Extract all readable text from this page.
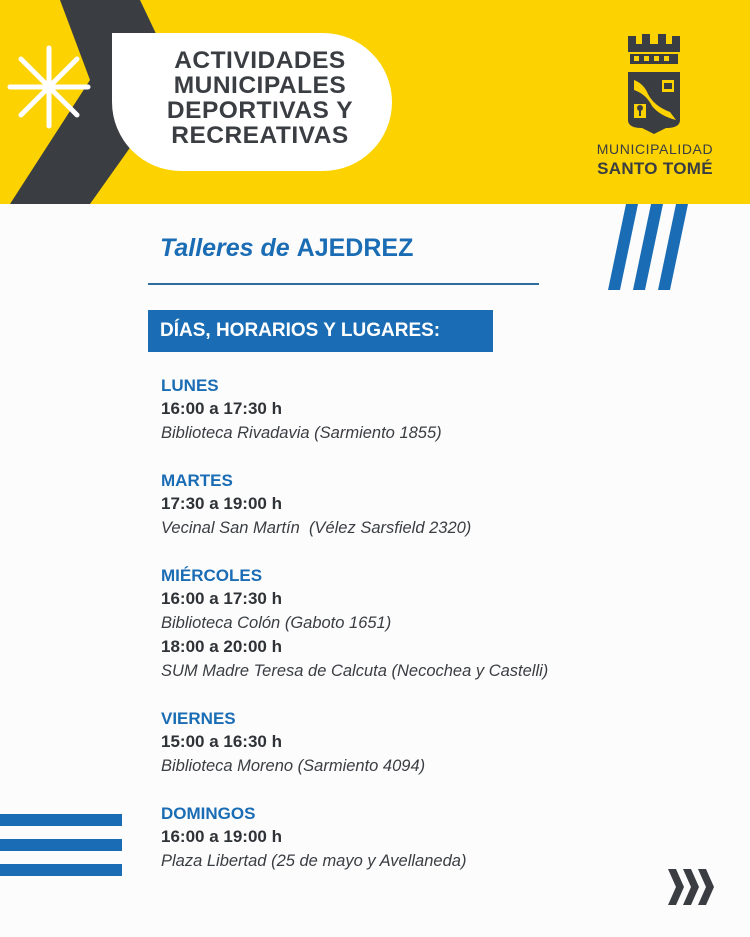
ACTIVIDADES
MUNICIPALES
DEPORTIVAS Y
RECREATIVAS	MUNICIPALIDAD
SANTO TOMÉ
Talleres de AJEDREZ
DÍAS, HORARIOS Y LUGARES:
LUNES
16:00 a 17:30 h
Biblioteca Rivadavia (Sarmiento 1855)
MARTES
17:30 a 19:00 h
Vecinal San Martín  (Vélez Sarsfield 2320)
MIÉRCOLES
16:00 a 17:30 h
Biblioteca Colón (Gaboto 1651)
18:00 a 20:00 h
SUM Madre Teresa de Calcuta (Necochea y Castelli)
VIERNES
15:00 a 16:30 h
Biblioteca Moreno (Sarmiento 4094)
DOMINGOS
16:00 a 19:00 h
Plaza Libertad (25 de mayo y Avellaneda)
